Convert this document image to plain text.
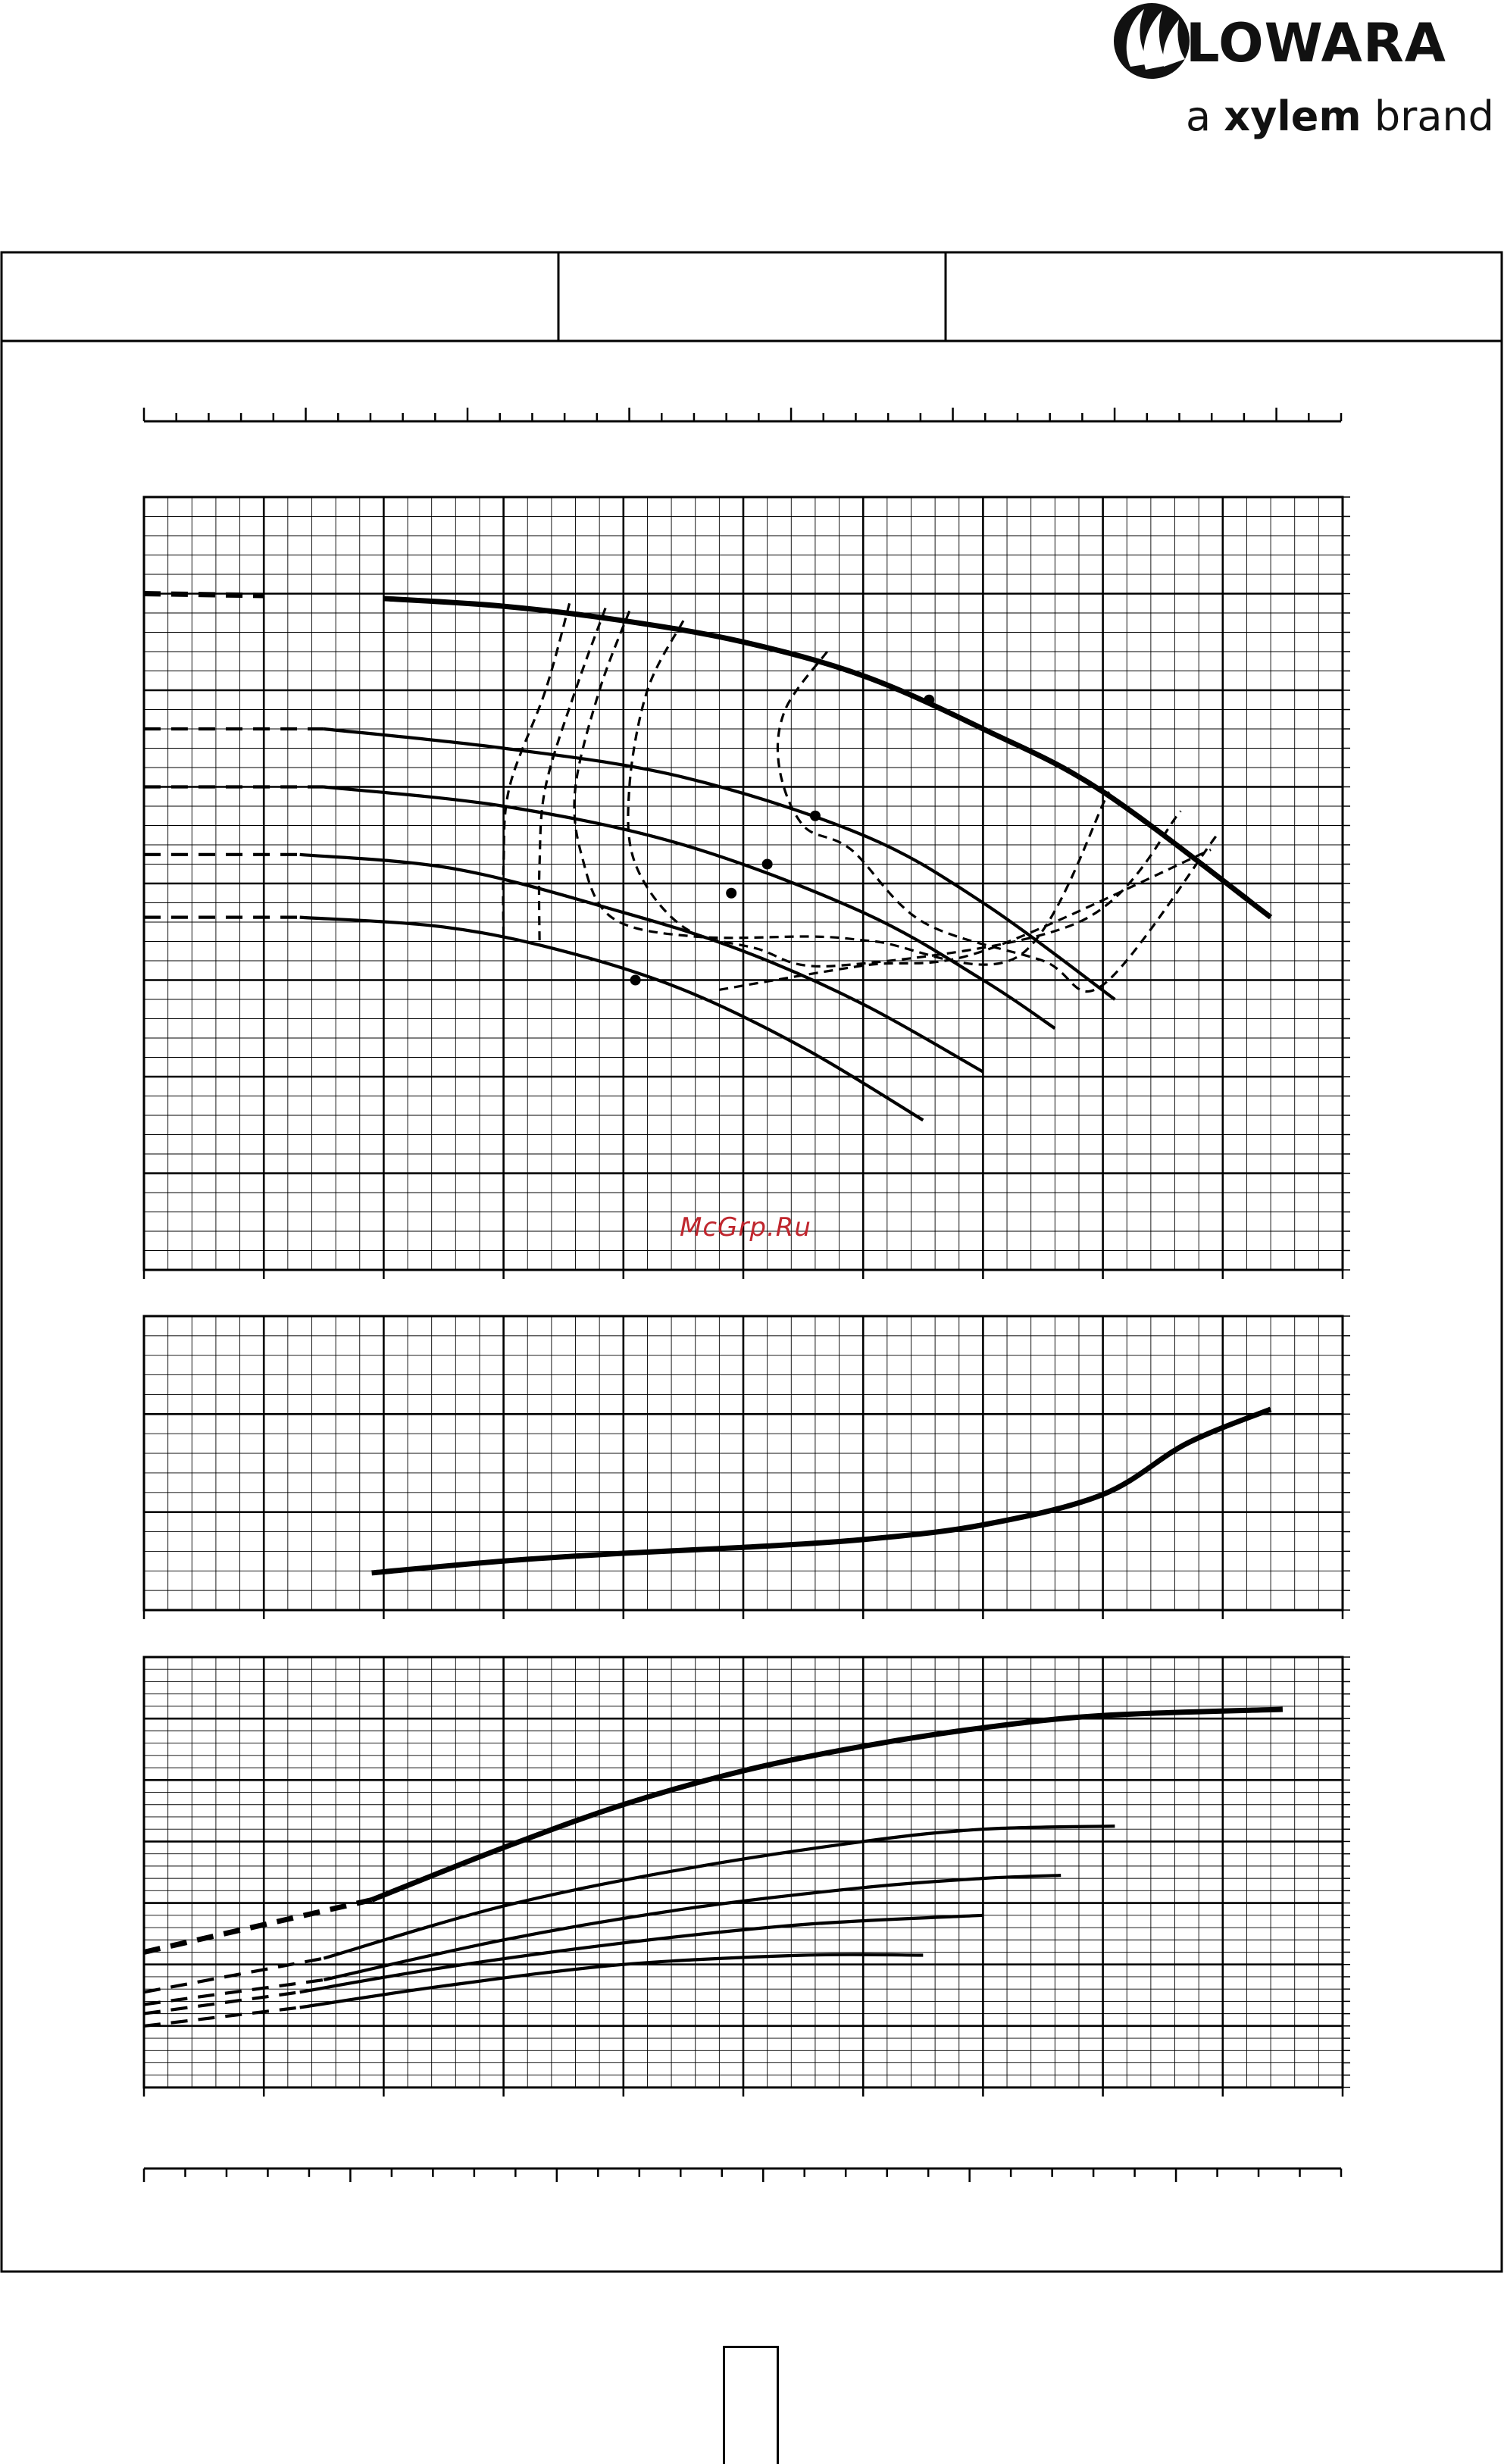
LOWARA
a xylem brand
McGrp.Ru
